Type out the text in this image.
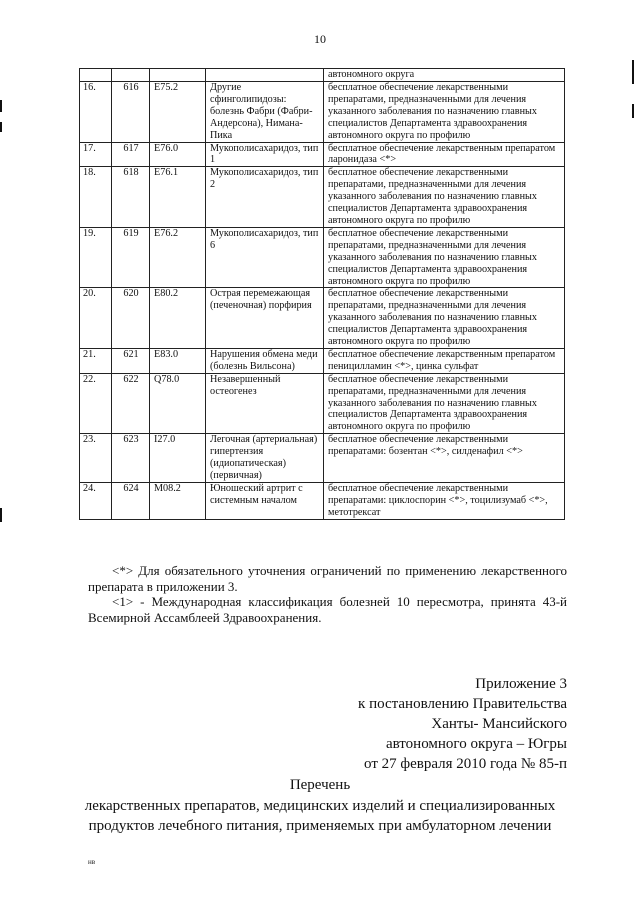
10
				автономного округа
16.	616	E75.2	Другие сфинголипидозы: болезнь Фабри (Фабри-Андерсона), Нимана-Пика	бесплатное обеспечение лекарственными препаратами, предназначенными для лечения указанного заболевания по назначению главных специалистов Департамента здравоохранения автономного округа по профилю
17.	617	E76.0	Мукополисахаридоз, тип 1	бесплатное обеспечение лекарственным препаратом ларонидаза <*>
18.	618	E76.1	Мукополисахаридоз, тип 2	бесплатное обеспечение лекарственными препаратами, предназначенными для лечения указанного заболевания по назначению главных специалистов Департамента здравоохранения автономного округа по профилю
19.	619	E76.2	Мукополисахаридоз, тип 6	бесплатное обеспечение лекарственными препаратами, предназначенными для лечения указанного заболевания по назначению главных специалистов Департамента здравоохранения автономного округа по профилю
20.	620	E80.2	Острая перемежающая (печеночная) порфирия	бесплатное обеспечение лекарственными препаратами, предназначенными для лечения указанного заболевания по назначению главных специалистов Департамента здравоохранения автономного округа по профилю
21.	621	E83.0	Нарушения обмена меди (болезнь Вильсона)	бесплатное обеспечение лекарственным препаратом пеницилламин <*>, цинка сульфат
22.	622	Q78.0	Незавершенный остеогенез	бесплатное обеспечение лекарственными препаратами, предназначенными для лечения указанного заболевания по назначению главных специалистов Департамента здравоохранения автономного округа по профилю
23.	623	I27.0	Легочная (артериальная) гипертензия (идиопатическая) (первичная)	бесплатное обеспечение лекарственными препаратами: бозентан <*>, силденафил <*>
24.	624	M08.2	Юношеский артрит с системным началом	бесплатное обеспечение лекарственными препаратами: циклоспорин <*>, тоцилизумаб <*>, метотрексат

<*> Для обязательного уточнения ограничений по применению лекарственного препарата в приложении 3.

<1> - Международная классификация болезней 10 пересмотра, принята 43-й Всемирной Ассамблеей Здравоохранения.

Приложение 3
к постановлению Правительства
Ханты- Мансийского
автономного округа – Югры
от 27 февраля 2010 года № 85-п
Перечень
лекарственных препаратов, медицинских изделий и специализированных
продуктов лечебного питания, применяемых при амбулаторном лечении
нв
